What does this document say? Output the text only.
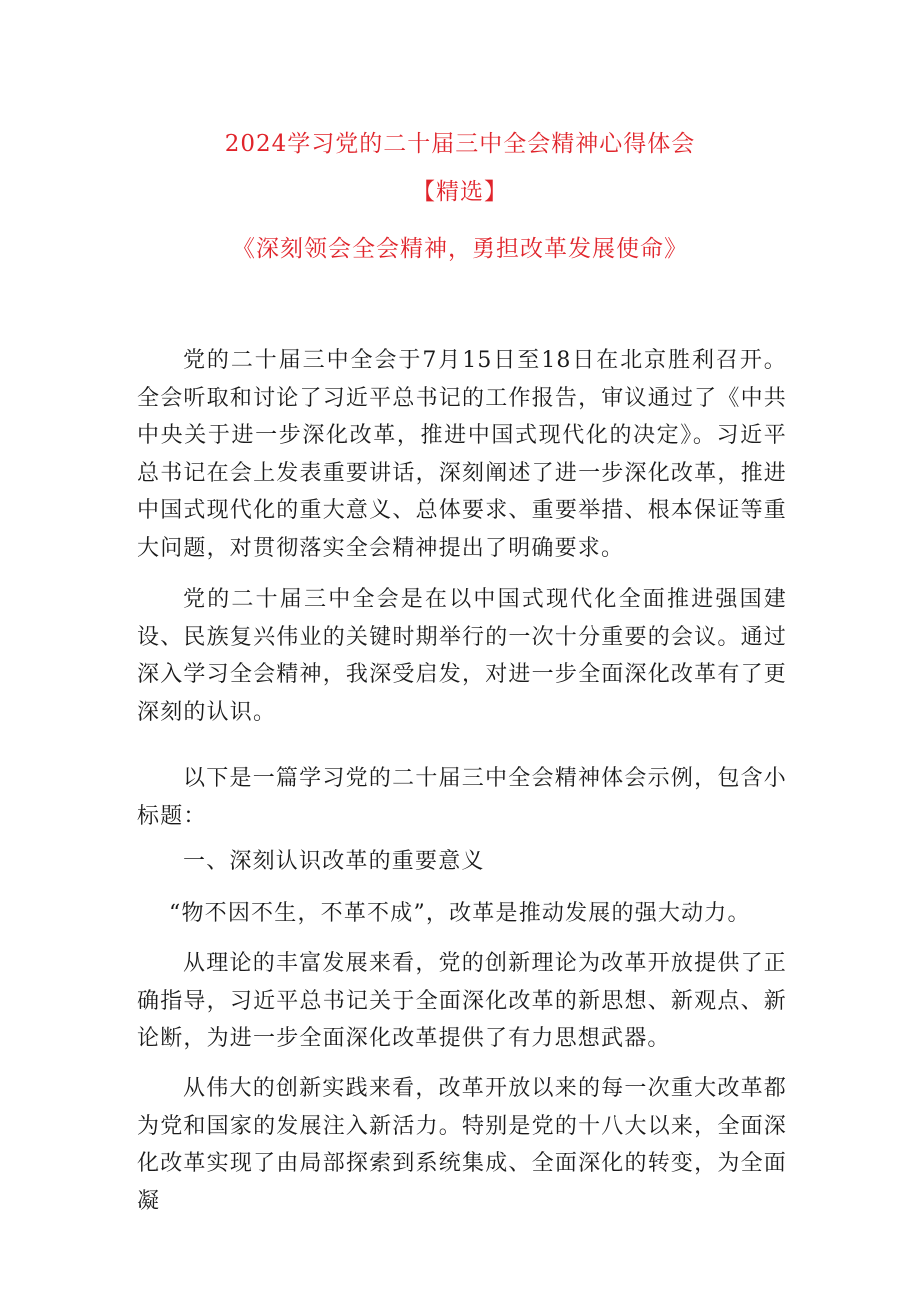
2024学习党的二十届三中全会精神心得体会
【精选】
《深刻领会全会精神，勇担改革发展使命》

党的二十届三中全会于7月15日至18日在北京胜利召开。全会听取和讨论了习近平总书记的工作报告，审议通过了《中共中央关于进一步深化改革，推进中国式现代化的决定》。习近平总书记在会上发表重要讲话，深刻阐述了进一步深化改革，推进中国式现代化的重大意义、总体要求、重要举措、根本保证等重大问题，对贯彻落实全会精神提出了明确要求。

党的二十届三中全会是在以中国式现代化全面推进强国建设、民族复兴伟业的关键时期举行的一次十分重要的会议。通过深入学习全会精神，我深受启发，对进一步全面深化改革有了更深刻的认识。

以下是一篇学习党的二十届三中全会精神体会示例，包含小标题：

一、深刻认识改革的重要意义

“物不因不生，不革不成”，改革是推动发展的强大动力。

从理论的丰富发展来看，党的创新理论为改革开放提供了正确指导，习近平总书记关于全面深化改革的新思想、新观点、新论断，为进一步全面深化改革提供了有力思想武器。

从伟大的创新实践来看，改革开放以来的每一次重大改革都为党和国家的发展注入新活力。特别是党的十八大以来，全面深化改革实现了由局部探索到系统集成、全面深化的转变，为全面凝
